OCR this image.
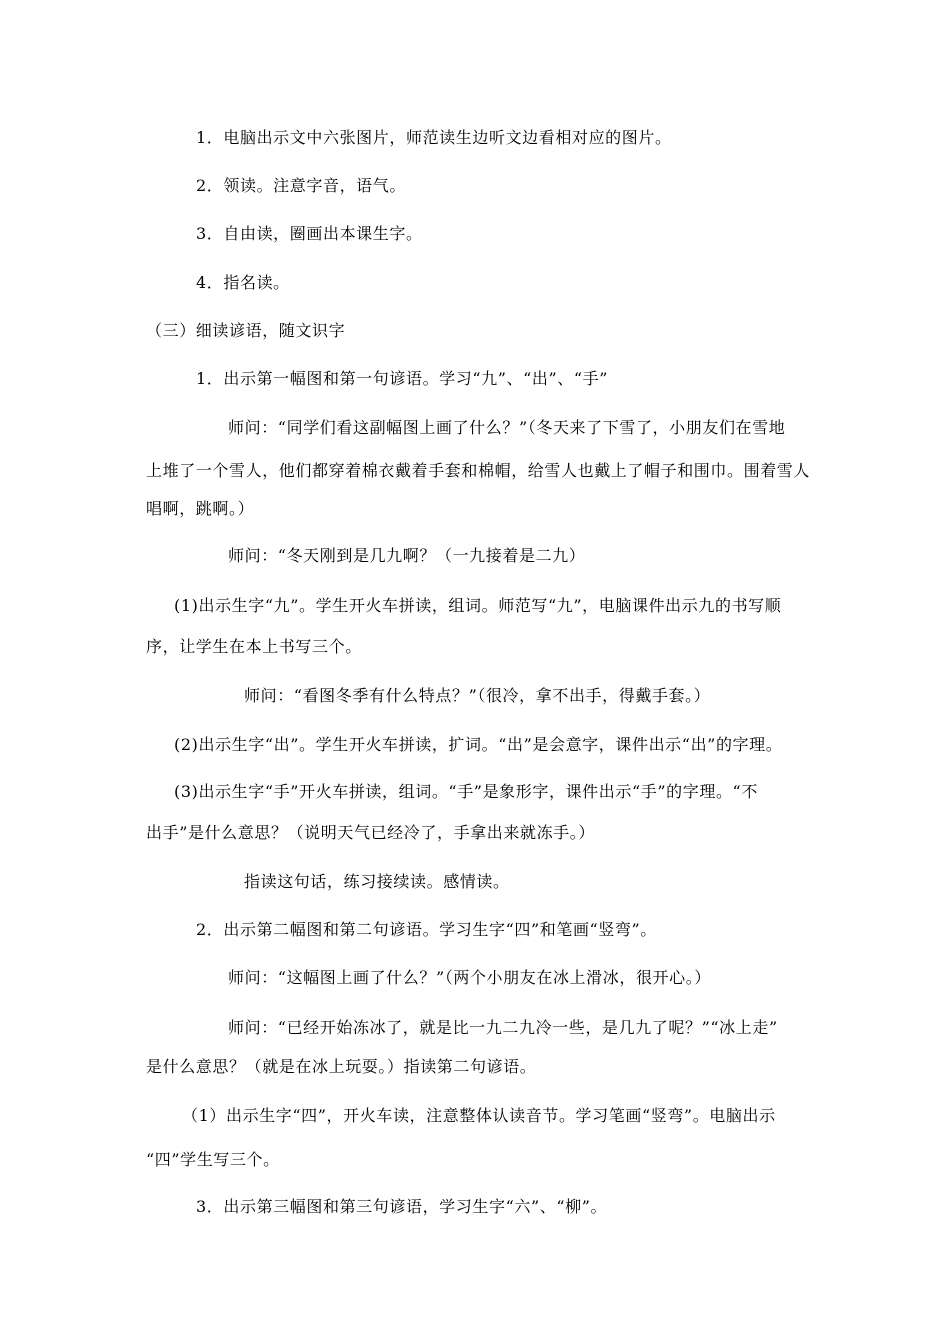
1．电脑出示文中六张图片，师范读生边听文边看相对应的图片。
2．领读。注意字音，语气。
3．自由读，圈画出本课生字。
4．指名读。
（三）细读谚语，随文识字
1．出示第一幅图和第一句谚语。学习“九”、“出”、“手”
师问：“同学们看这副幅图上画了什么？”（冬天来了下雪了，小朋友们在雪地
上堆了一个雪人，他们都穿着棉衣戴着手套和棉帽，给雪人也戴上了帽子和围巾。围着雪人
唱啊，跳啊。）
师问：“冬天刚到是几九啊？（一九接着是二九）
(1)出示生字“九”。学生开火车拼读，组词。师范写“九”，电脑课件出示九的书写顺
序，让学生在本上书写三个。
师问：“看图冬季有什么特点？”（很冷，拿不出手，得戴手套。）
(2)出示生字“出”。学生开火车拼读，扩词。“出”是会意字，课件出示“出”的字理。
(3)出示生字“手”开火车拼读，组词。“手”是象形字，课件出示“手”的字理。“不
出手”是什么意思？（说明天气已经冷了，手拿出来就冻手。）
指读这句话，练习接续读。感情读。
2．出示第二幅图和第二句谚语。学习生字“四”和笔画“竖弯”。
师问：“这幅图上画了什么？”（两个小朋友在冰上滑冰，很开心。）
师问：“已经开始冻冰了，就是比一九二九冷一些，是几九了呢？”“冰上走”
是什么意思？（就是在冰上玩耍。）指读第二句谚语。
（1）出示生字“四”，开火车读，注意整体认读音节。学习笔画“竖弯”。电脑出示
“四”学生写三个。
3．出示第三幅图和第三句谚语，学习生字“六”、“柳”。
